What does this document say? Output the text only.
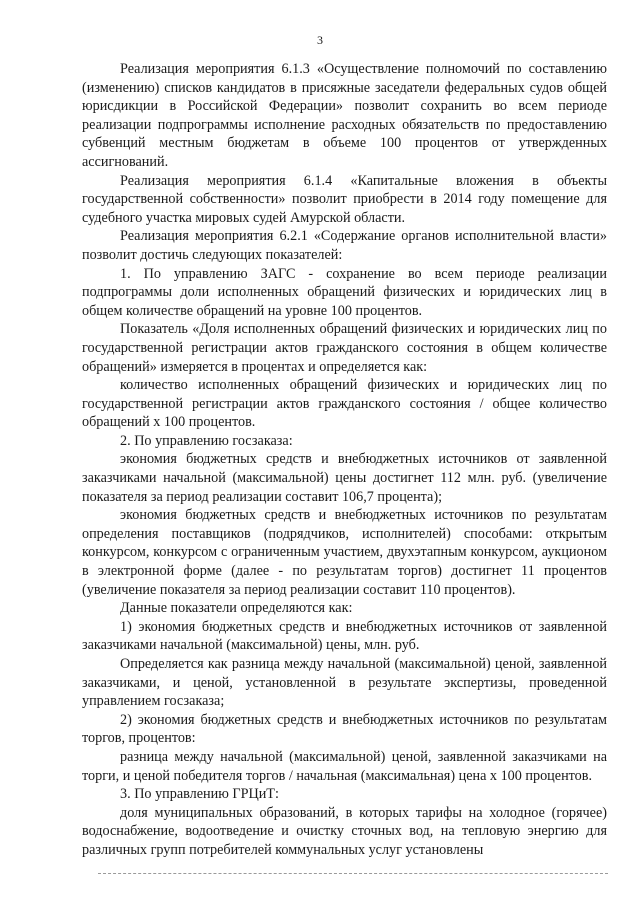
3

Реализация мероприятия 6.1.3 «Осуществление полномочий по составлению (изменению) списков кандидатов в присяжные заседатели федеральных судов общей юрисдикции в Российской Федерации» позволит сохранить во всем периоде реализации подпрограммы исполнение расходных обязательств по предоставлению субвенций местным бюджетам в объеме 100 процентов от утвержденных ассигнований.

Реализация мероприятия 6.1.4 «Капитальные вложения в объекты государственной собственности» позволит приобрести в 2014 году помещение для судебного участка мировых судей Амурской области.

Реализация мероприятия 6.2.1 «Содержание органов исполнительной власти» позволит достичь следующих показателей:

1. По управлению ЗАГС - сохранение во всем периоде реализации подпрограммы доли исполненных обращений физических и юридических лиц в общем количестве обращений на уровне 100 процентов.

Показатель «Доля исполненных обращений физических и юридических лиц по государственной регистрации актов гражданского состояния в общем количестве обращений» измеряется в процентах и определяется как:

количество исполненных обращений физических и юридических лиц по государственной регистрации актов гражданского состояния / общее количество обращений х 100 процентов.

2. По управлению госзаказа:

экономия бюджетных средств и внебюджетных источников от заявленной заказчиками начальной (максимальной) цены достигнет 112 млн. руб. (увеличение показателя за период реализации составит 106,7 процента);

экономия бюджетных средств и внебюджетных источников по результатам определения поставщиков (подрядчиков, исполнителей) способами: открытым конкурсом, конкурсом с ограниченным участием, двухэтапным конкурсом, аукционом в электронной форме (далее - по результатам торгов) достигнет 11 процентов (увеличение показателя за период реализации составит 110 процентов).

Данные показатели определяются как:

1) экономия бюджетных средств и внебюджетных источников от заявленной заказчиками начальной (максимальной) цены, млн. руб.

Определяется как разница между начальной (максимальной) ценой, заявленной заказчиками, и ценой, установленной в результате экспертизы, проведенной управлением госзаказа;

2) экономия бюджетных средств и внебюджетных источников по результатам торгов, процентов:

разница между начальной (максимальной) ценой, заявленной заказчиками на торги, и ценой победителя торгов / начальная (максимальная) цена х 100 процентов.

3. По управлению ГРЦиТ:

доля муниципальных образований, в которых тарифы на холодное (горячее) водоснабжение, водоотведение и очистку сточных вод, на тепловую энергию для различных групп потребителей коммунальных услуг установлены
